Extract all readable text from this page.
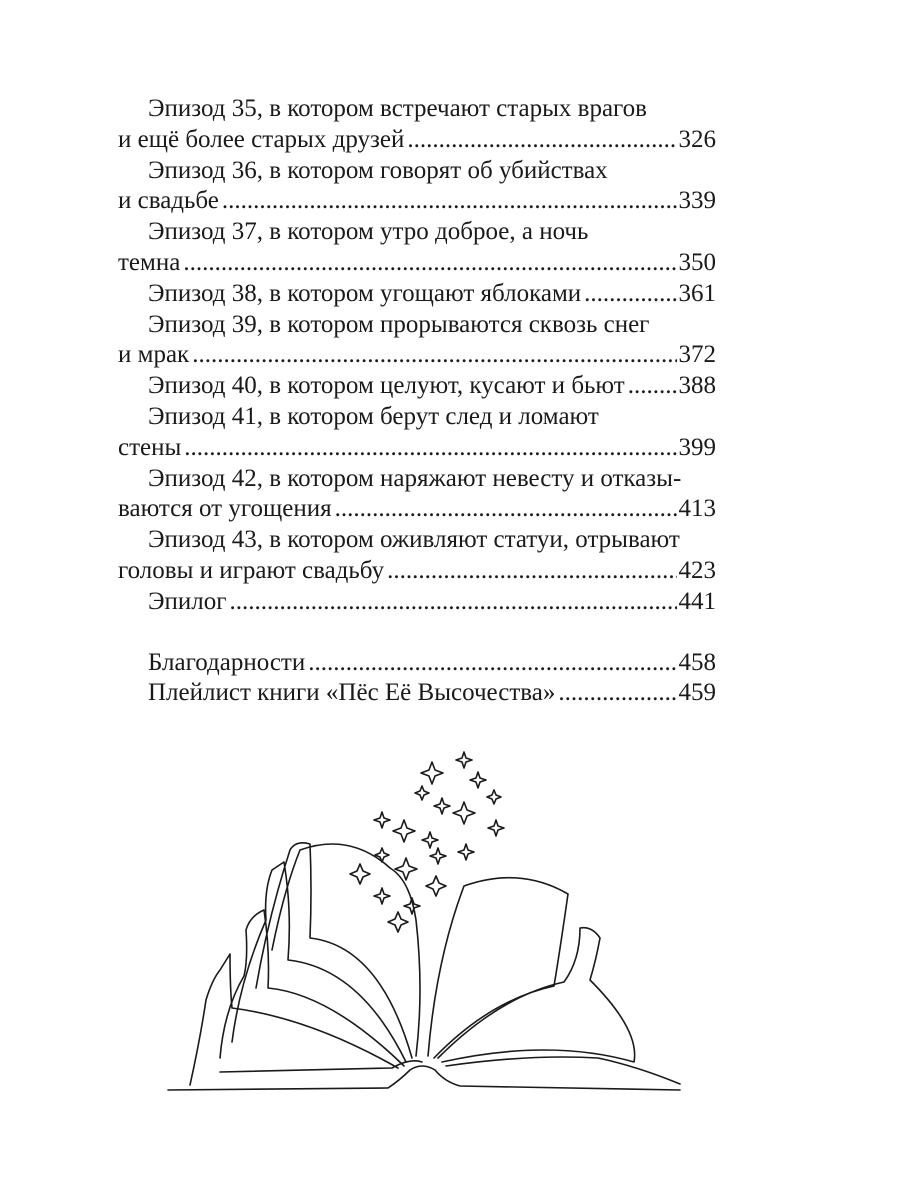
Эпизод 35, в котором встречают старых врагов
и ещё более старых друзей .....	326
Эпизод 36, в котором говорят об убийствах
и свадьбе .....	339
Эпизод 37, в котором утро доброе, а ночь
темна .....	350
Эпизод 38, в котором угощают яблоками .....	361
Эпизод 39, в котором прорываются сквозь снег
и мрак .....	372
Эпизод 40, в котором целуют, кусают и бьют ..... 388
Эпизод 41, в котором берут след и ломают
стены .....	399
Эпизод 42, в котором наряжают невесту и отказы-
ваются от угощения .....	413
Эпизод 43, в котором оживляют статуи, отрывают
головы и играют свадьбу .....	423
Эпилог .....	441
Благодарности .....	458
Плейлист книги «Пёс Её Высочества» .....	459
